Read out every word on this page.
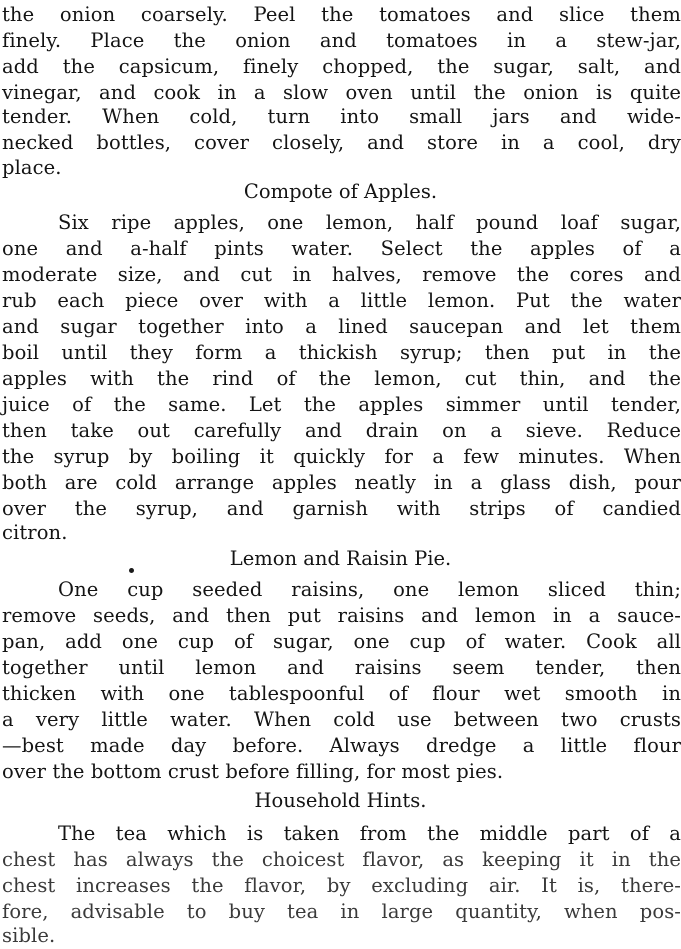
the onion coarsely. Peel the tomatoes and slice them
finely. Place the onion and tomatoes in a stew-jar,
add the capsicum, finely chopped, the sugar, salt, and
vinegar, and cook in a slow oven until the onion is quite
tender. When cold, turn into small jars and wide-
necked bottles, cover closely, and store in a cool, dry
place.
Compote of Apples.
Six ripe apples, one lemon, half pound loaf sugar,
one and a-half pints water. Select the apples of a
moderate size, and cut in halves, remove the cores and
rub each piece over with a little lemon. Put the water
and sugar together into a lined saucepan and let them
boil until they form a thickish syrup; then put in the
apples with the rind of the lemon, cut thin, and the
juice of the same. Let the apples simmer until tender,
then take out carefully and drain on a sieve. Reduce
the syrup by boiling it quickly for a few minutes. When
both are cold arrange apples neatly in a glass dish, pour
over the syrup, and garnish with strips of candied
citron.
Lemon and Raisin Pie.
One cup seeded raisins, one lemon sliced thin;
remove seeds, and then put raisins and lemon in a sauce-
pan, add one cup of sugar, one cup of water. Cook all
together until lemon and raisins seem tender, then
thicken with one tablespoonful of flour wet smooth in
a very little water. When cold use between two crusts
—best made day before. Always dredge a little flour
over the bottom crust before filling, for most pies.
Household Hints.
The tea which is taken from the middle part of a
chest has always the choicest flavor, as keeping it in the
chest increases the flavor, by excluding air. It is, there-
fore, advisable to buy tea in large quantity, when pos-
sible.
